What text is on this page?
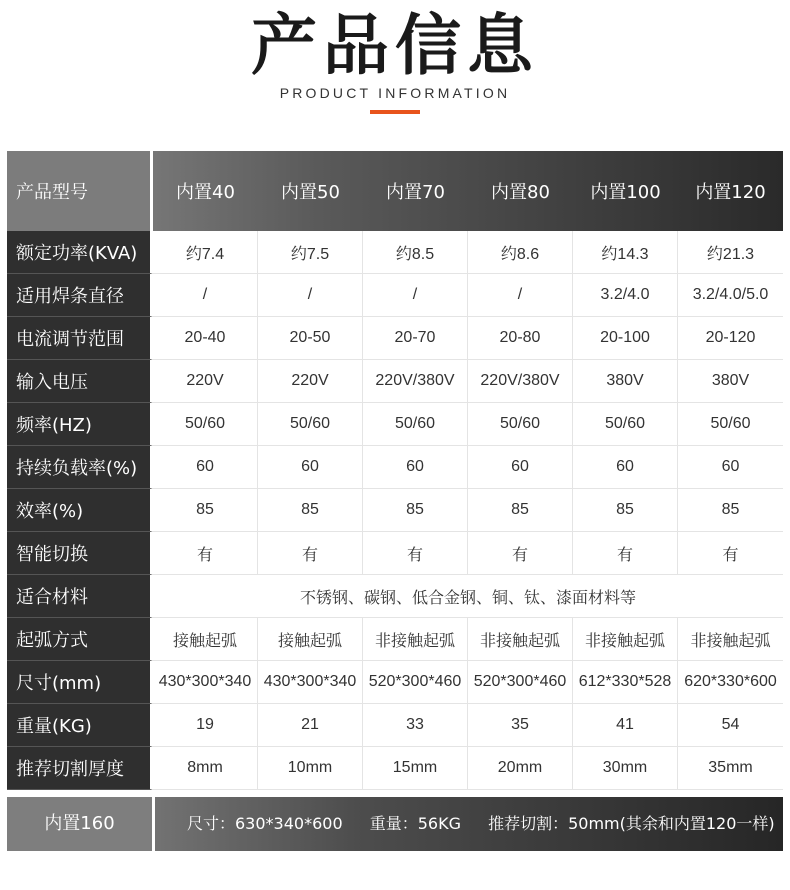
产品信息
PRODUCT INFORMATION
产品型号	内置40	内置50	内置70	内置80	内置100	内置120
额定功率(KVA)	约7.4	约7.5	约8.5	约8.6	约14.3	约21.3
适用焊条直径	/	/	/	/	3.2/4.0	3.2/4.0/5.0
电流调节范围	20-40	20-50	20-70	20-80	20-100	20-120
输入电压	220V	220V	220V/380V	220V/380V	380V	380V
频率(HZ)	50/60	50/60	50/60	50/60	50/60	50/60
持续负载率(%)	60	60	60	60	60	60
效率(%)	85	85	85	85	85	85
智能切换	有	有	有	有	有	有
适合材料	不锈钢、碳钢、低合金钢、铜、钛、漆面材料等					
起弧方式	接触起弧	接触起弧	非接触起弧	非接触起弧	非接触起弧	非接触起弧
尺寸(mm)	430*300*340	430*300*340	520*300*460	520*300*460	612*330*528	620*330*600
重量(KG)	19	21	33	35	41	54
推荐切割厚度	8mm	10mm	15mm	20mm	30mm	35mm
内置160	尺寸：630*340*600 重量：56KG 推荐切割：50mm(其余和内置120一样)
